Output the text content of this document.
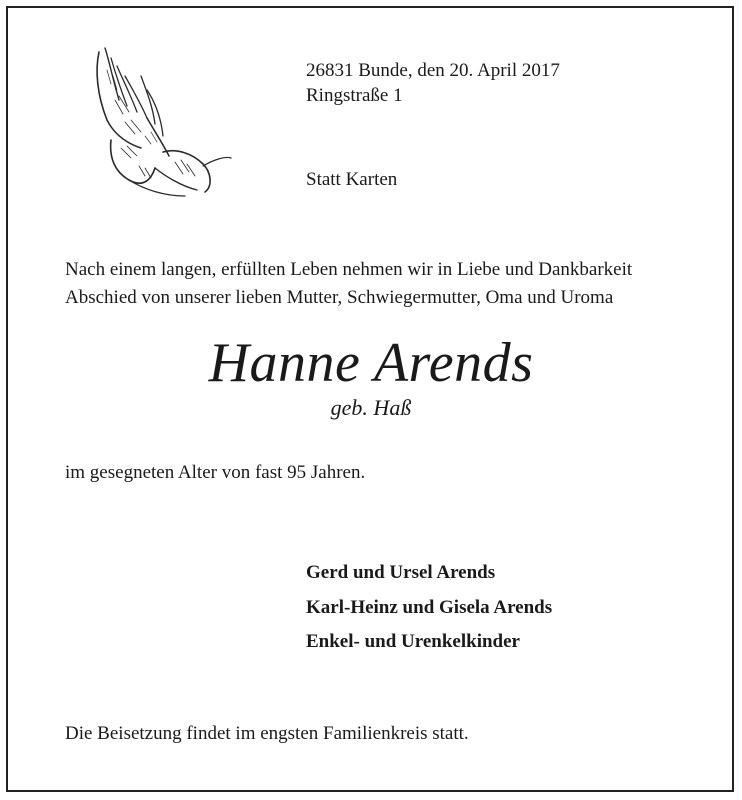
26831 Bunde, den 20. April 2017
Ringstraße 1
Statt Karten
Nach einem langen, erfüllten Leben nehmen wir in Liebe und Dankbarkeit
Abschied von unserer lieben Mutter, Schwiegermutter, Oma und Uroma
Hanne Arends
geb. Haß
im gesegneten Alter von fast 95 Jahren.
Gerd und Ursel Arends
Karl-Heinz und Gisela Arends
Enkel- und Urenkelkinder
Die Beisetzung findet im engsten Familienkreis statt.
